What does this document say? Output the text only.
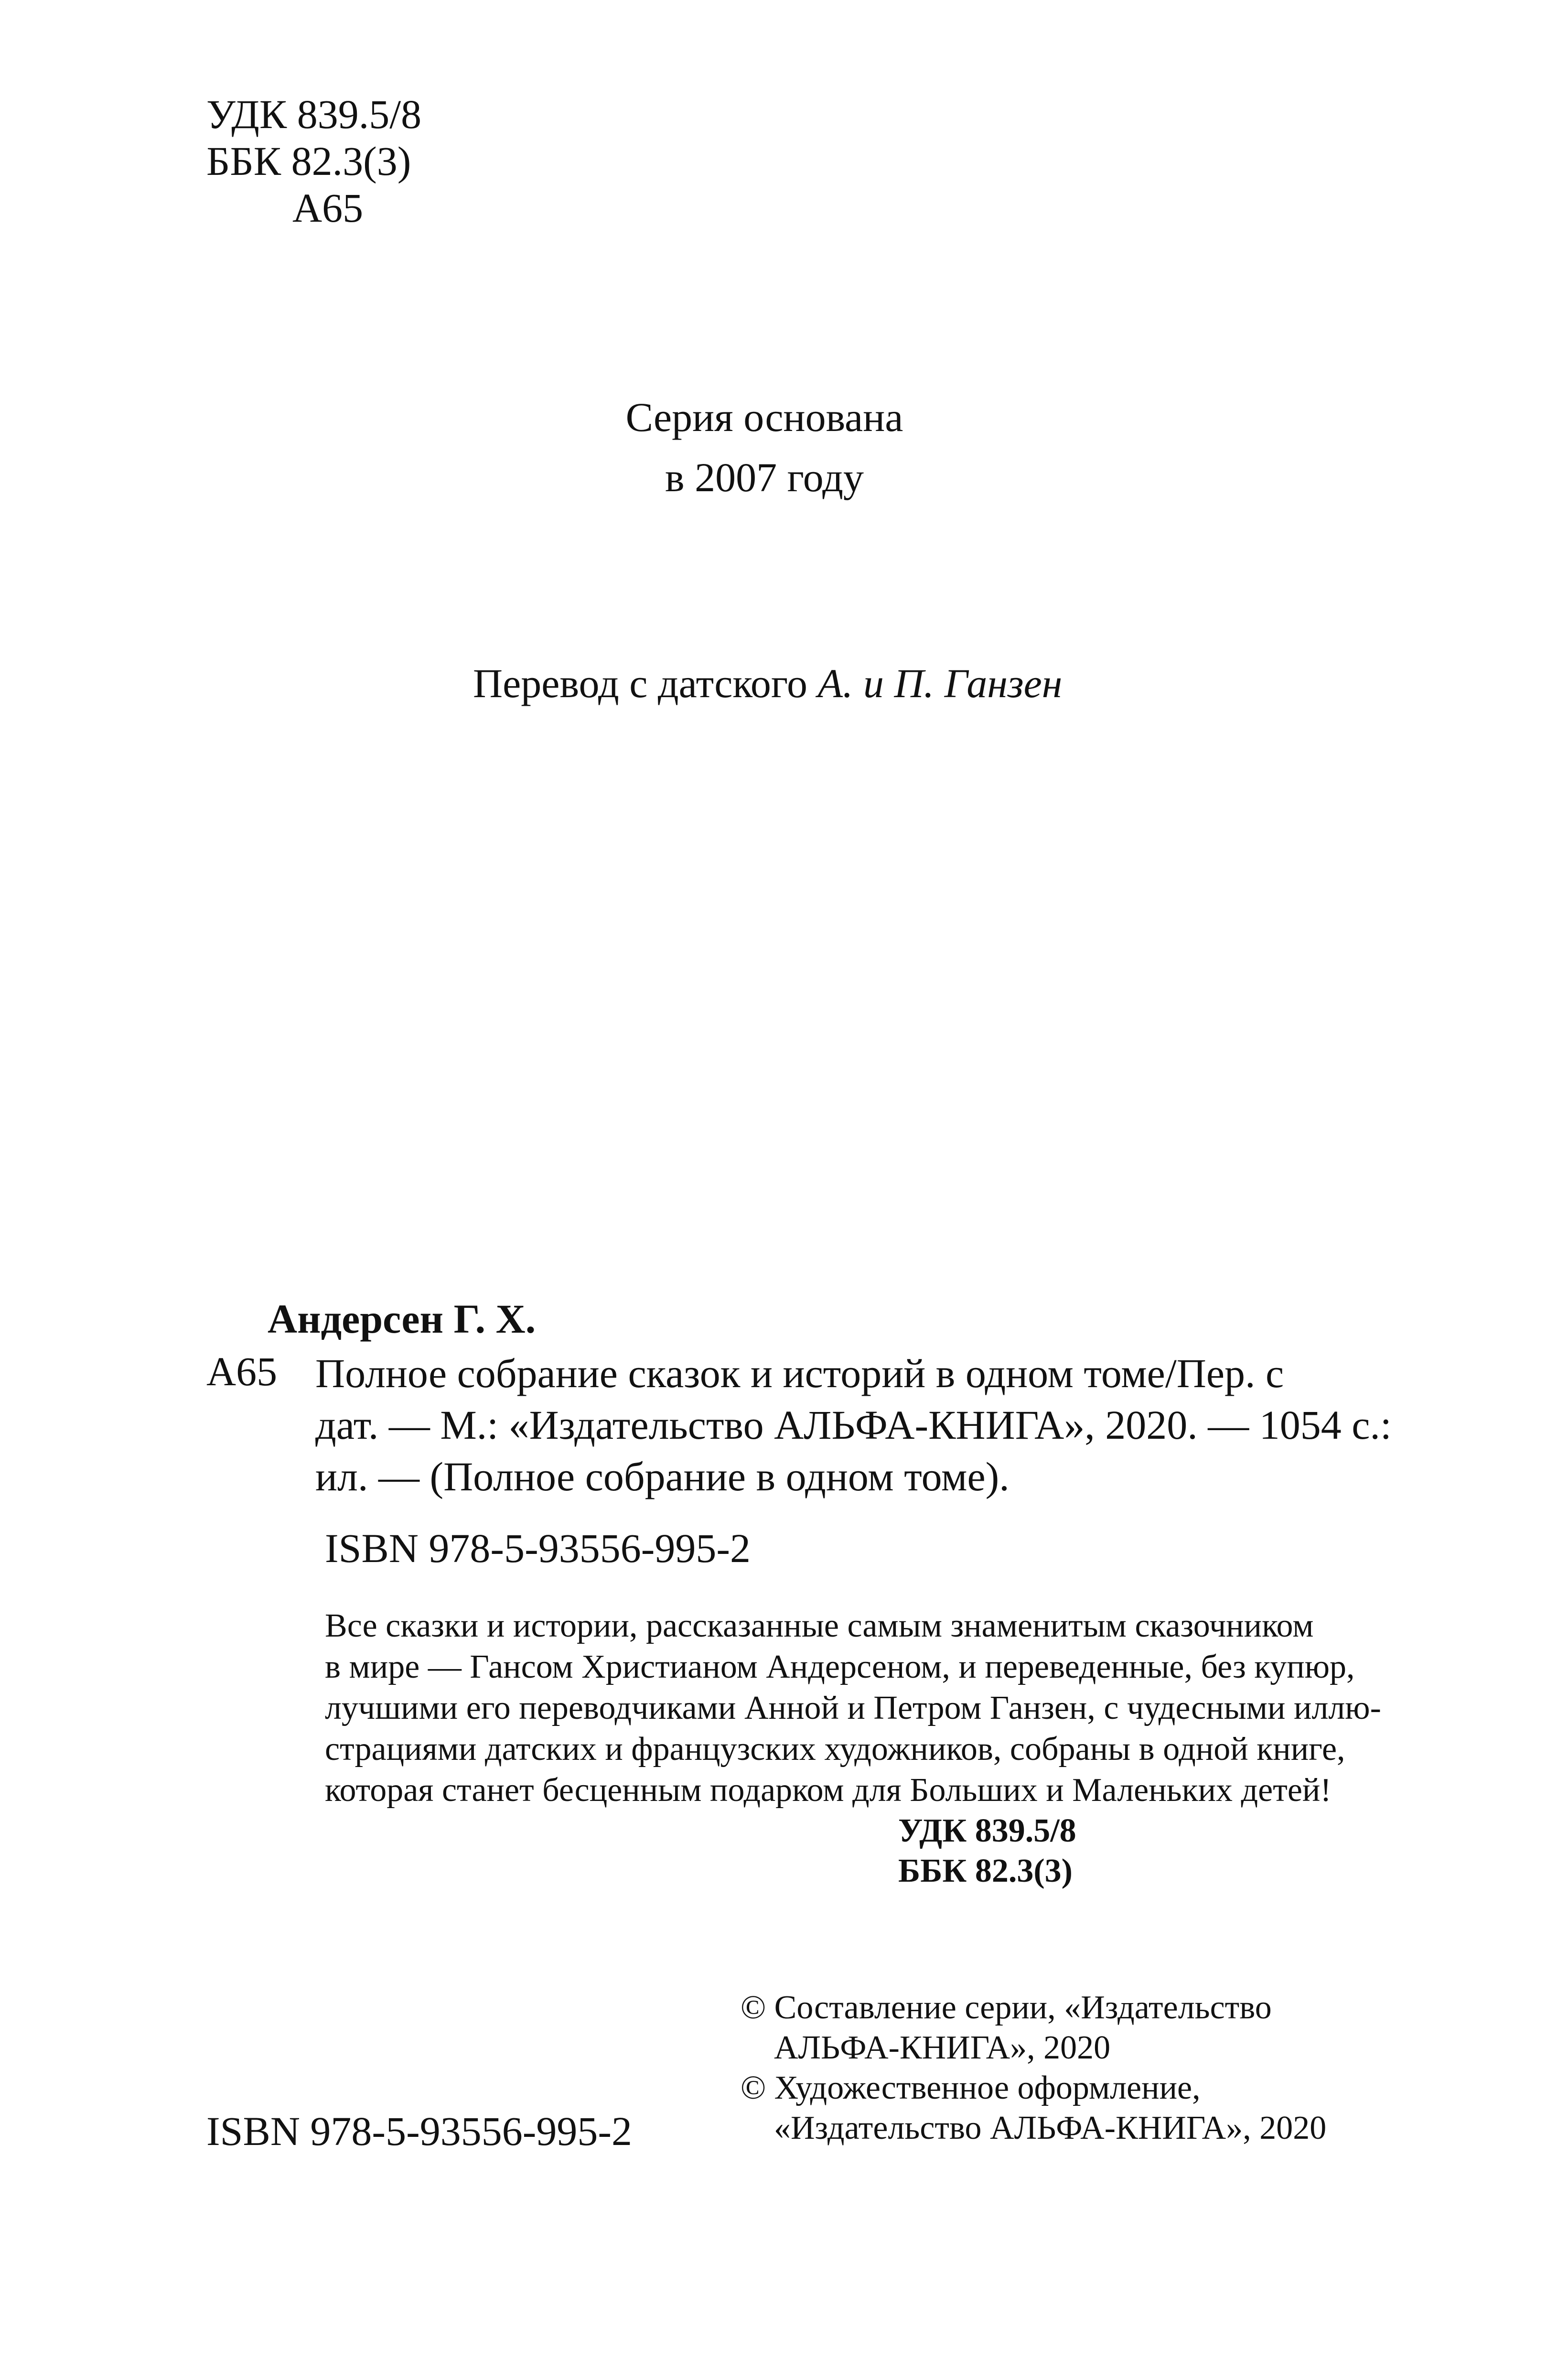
УДК 839.5/8
ББК 82.3(3)
А65
Серия основана
в 2007 году
Перевод с датского А. и П. Ганзен
Андерсен Г. Х.
А65 Полное собрание сказок и историй в одном томе/Пер. с
дат. — М.: «Издательство АЛЬФА-КНИГА», 2020. — 1054 с.:
ил. — (Полное собрание в одном томе).
ISBN 978-5-93556-995-2
Все сказки и истории, рассказанные самым знаменитым сказочником
в мире — Гансом Христианом Андерсеном, и переведенные, без купюр,
лучшими его переводчиками Анной и Петром Ганзен, с чудесными иллю-
страциями датских и французских художников, собраны в одной книге,
которая станет бесценным подарком для Больших и Маленьких детей!
УДК 839.5/8
ББК 82.3(3)
© Составление серии, «Издательство
АЛЬФА-КНИГА», 2020
© Художественное оформление,
«Издательство АЛЬФА-КНИГА», 2020
ISBN 978-5-93556-995-2
